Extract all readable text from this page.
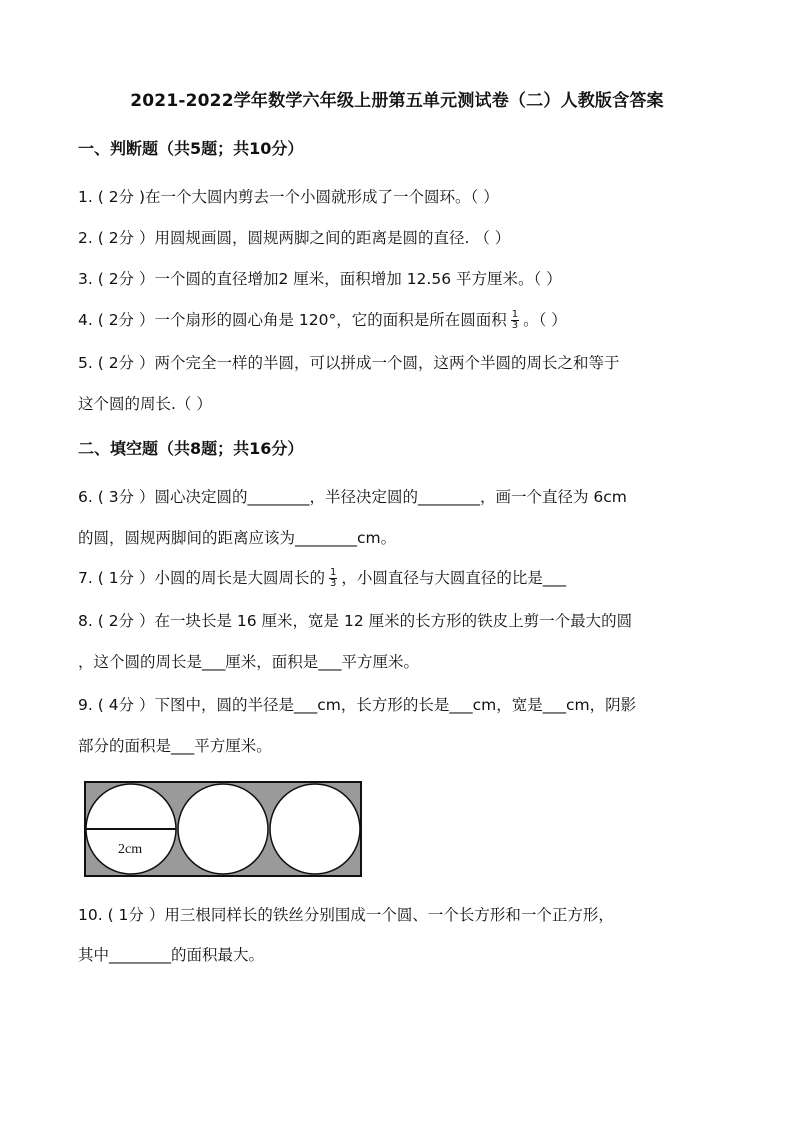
2021-2022学年数学六年级上册第五单元测试卷（二）人教版含答案
一、判断题（共5题；共10分）
1. ( 2分 )在一个大圆内剪去一个小圆就形成了一个圆环。（ ）
2. ( 2分 ）用圆规画圆，圆规两脚之间的距离是圆的直径. （ ）
3. ( 2分 ）一个圆的直径增加2 厘米，面积增加 12.56 平方厘米。（ ）
4. ( 2分 ）一个扇形的圆心角是 120°，它的面积是所在圆面积 $\frac{1}{3}$ 。（ ）
5. ( 2分 ）两个完全一样的半圆，可以拼成一个圆，这两个半圆的周长之和等于
这个圆的周长.（ ）
二、填空题（共8题；共16分）
6. ( 3分 ）圆心决定圆的________，半径决定圆的________，画一个直径为 6cm
的圆，圆规两脚间的距离应该为________cm。
7. ( 1分 ）小圆的周长是大圆周长的 $\frac{1}{3}$ ，小圆直径与大圆直径的比是___
8. ( 2分 ）在一块长是 16 厘米，宽是 12 厘米的长方形的铁皮上剪一个最大的圆
，这个圆的周长是___厘米，面积是___平方厘米。
9. ( 4分 ）下图中，圆的半径是___cm，长方形的长是___cm，宽是___cm，阴影
部分的面积是___平方厘米。
2cm
10. ( 1分 ）用三根同样长的铁丝分别围成一个圆、一个长方形和一个正方形，
其中________的面积最大。
